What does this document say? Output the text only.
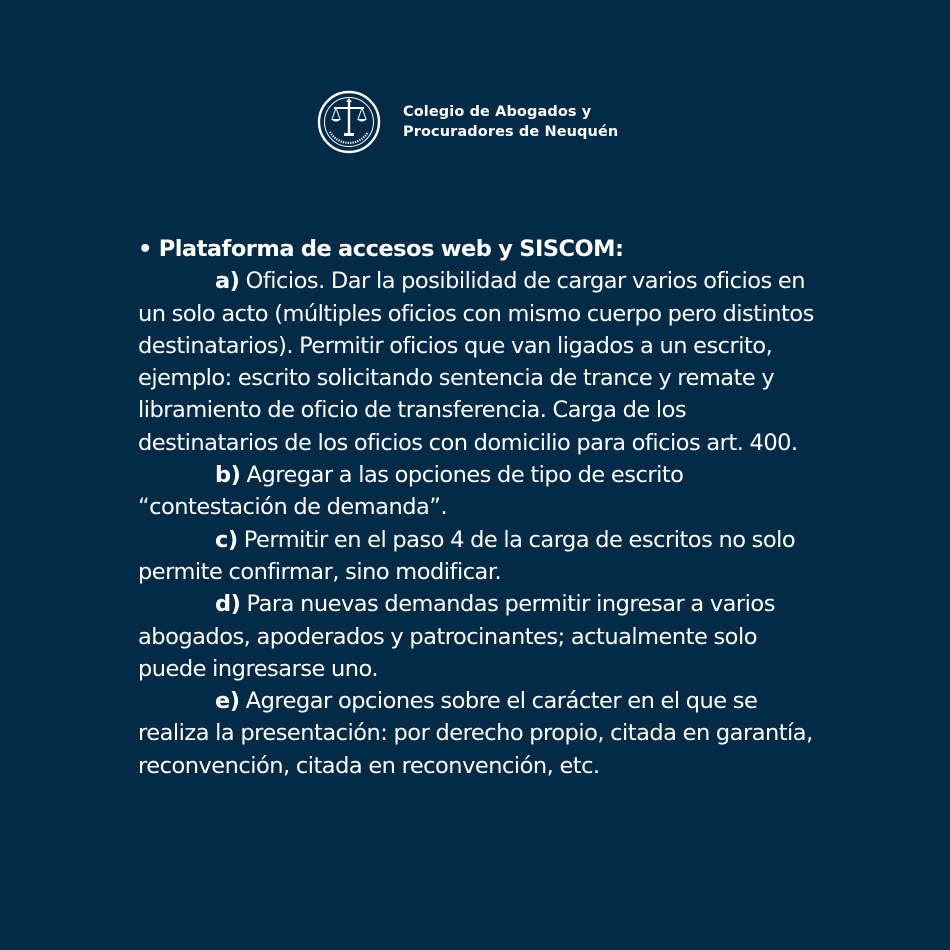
Colegio de Abogados y
Procuradores de Neuquén
• Plataforma de accesos web y SISCOM:

a) Oficios. Dar la posibilidad de cargar varios oficios en un solo acto (múltiples oficios con mismo cuerpo pero distintos destinatarios). Permitir oficios que van ligados a un escrito, ejemplo: escrito solicitando sentencia de trance y remate y libramiento de oficio de transferencia. Carga de los destinatarios de los oficios con domicilio para oficios art. 400.

b) Agregar a las opciones de tipo de escrito “contestación de demanda”.

c) Permitir en el paso 4 de la carga de escritos no solo permite confirmar, sino modificar.

d) Para nuevas demandas permitir ingresar a varios abogados, apoderados y patrocinantes; actualmente solo puede ingresarse uno.

e) Agregar opciones sobre el carácter en el que se realiza la presentación: por derecho propio, citada en garantía, reconvención, citada en reconvención, etc.
